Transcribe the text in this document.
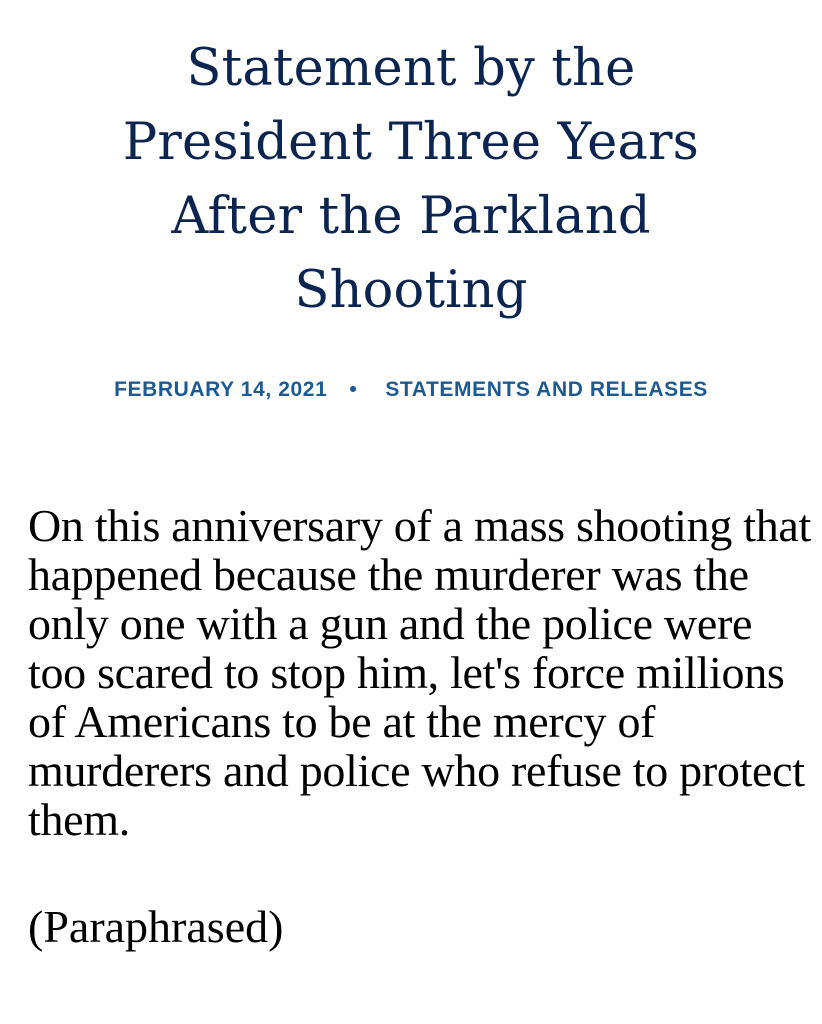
Statement by the President Three Years After the Parkland Shooting
FEBRUARY 14, 2021 • STATEMENTS AND RELEASES

On this anniversary of a mass shooting that happened because the murderer was the only one with a gun and the police were too scared to stop him, let's force millions of Americans to be at the mercy of murderers and police who refuse to protect them.

(Paraphrased)
